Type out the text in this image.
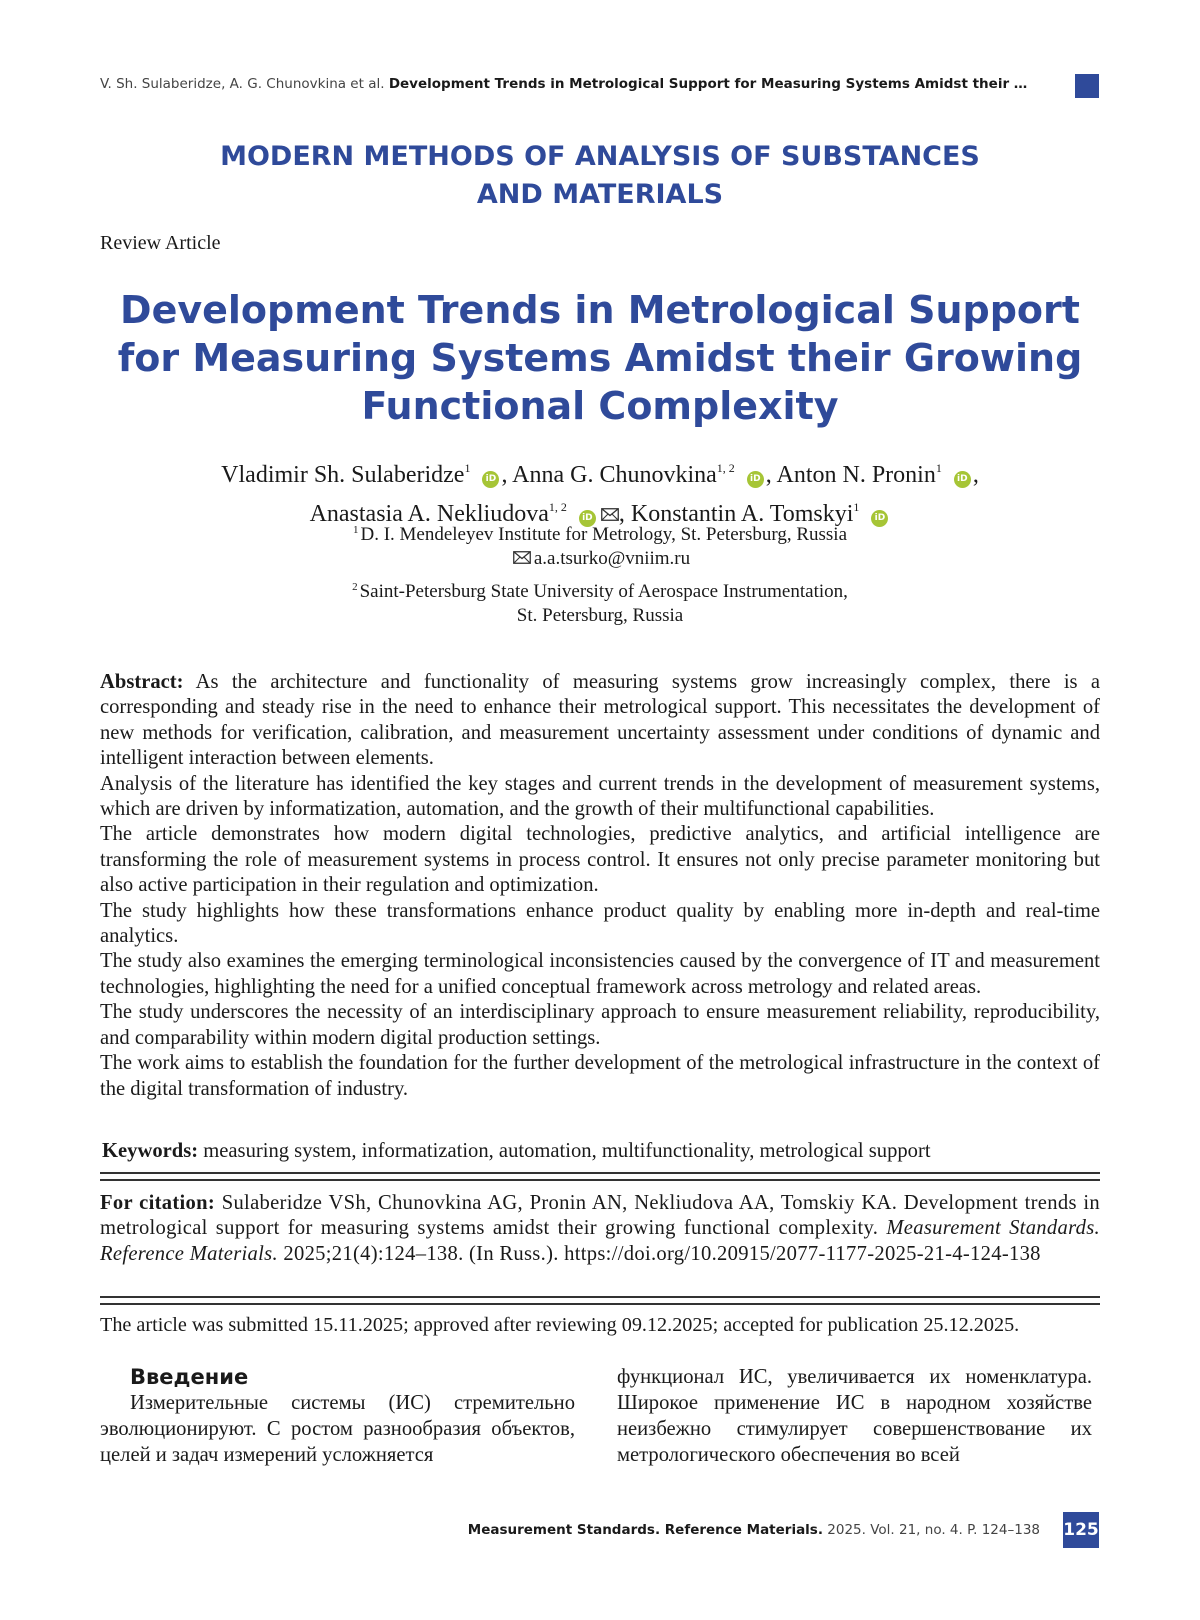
V. Sh. Sulaberidze, A. G. Chunovkina et al. Development Trends in Metrological Support for Measuring Systems Amidst their …
MODERN METHODS OF ANALYSIS OF SUBSTANCES
AND MATERIALS
Review Article
Development Trends in Metrological Support
for Measuring Systems Amidst their Growing
Functional Complexity
Vladimir Sh. Sulaberidze$^1$ iD , Anna G. Chunovkina$^{1, 2}$ iD , Anton N. Pronin$^1$ iD ,
Anastasia A. Nekliudova$^{1, 2}$ iD , Konstantin A. Tomskyi$^1$ iD
$^1$ D. I. Mendeleyev Institute for Metrology, St. Petersburg, Russia
a.a.tsurko@vniim.ru
$^2$ Saint-Petersburg State University of Aerospace Instrumentation,
St. Petersburg, Russia

Abstract: As the architecture and functionality of measuring systems grow increasingly complex, there is a corresponding and steady rise in the need to enhance their metrological support. This necessitates the development of new methods for verification, calibration, and measurement uncertainty assessment under conditions of dynamic and intelligent interaction between elements.

Analysis of the literature has identified the key stages and current trends in the development of measurement systems, which are driven by informatization, automation, and the growth of their multifunctional capabilities.

The article demonstrates how modern digital technologies, predictive analytics, and artificial intelligence are transforming the role of measurement systems in process control. It ensures not only precise parameter monitoring but also active participation in their regulation and optimization.

The study highlights how these transformations enhance product quality by enabling more in-depth and real-time analytics.

The study also examines the emerging terminological inconsistencies caused by the convergence of IT and measurement technologies, highlighting the need for a unified conceptual framework across metrology and related areas.

The study underscores the necessity of an interdisciplinary approach to ensure measurement reliability, reproducibility, and comparability within modern digital production settings.

The work aims to establish the foundation for the further development of the metrological infrastructure in the context of the digital transformation of industry.

Keywords: measuring system, informatization, automation, multifunctionality, metrological support

For citation: Sulaberidze VSh, Chunovkina AG, Pronin AN, Nekliudova AA, Tomskiy KA. Development trends in metrological support for measuring systems amidst their growing functional complexity. Measurement Standards. Reference Materials. 2025;21(4):124–138. (In Russ.). https://doi.org/10.20915/2077-1177-2025-21-4-124-138

The article was submitted 15.11.2025; approved after reviewing 09.12.2025; accepted for publication 25.12.2025.
Введение

Измерительные системы (ИС) стремительно эволюционируют. С ростом разнообразия объектов, целей и задач измерений усложняется

функционал ИС, увеличивается их номенклатура. Широкое применение ИС в народном хозяйстве неизбежно стимулирует совершенствование их метрологического обеспечения во всей

Measurement Standards. Reference Materials. 2025. Vol. 21, no. 4. P. 124–138 125
